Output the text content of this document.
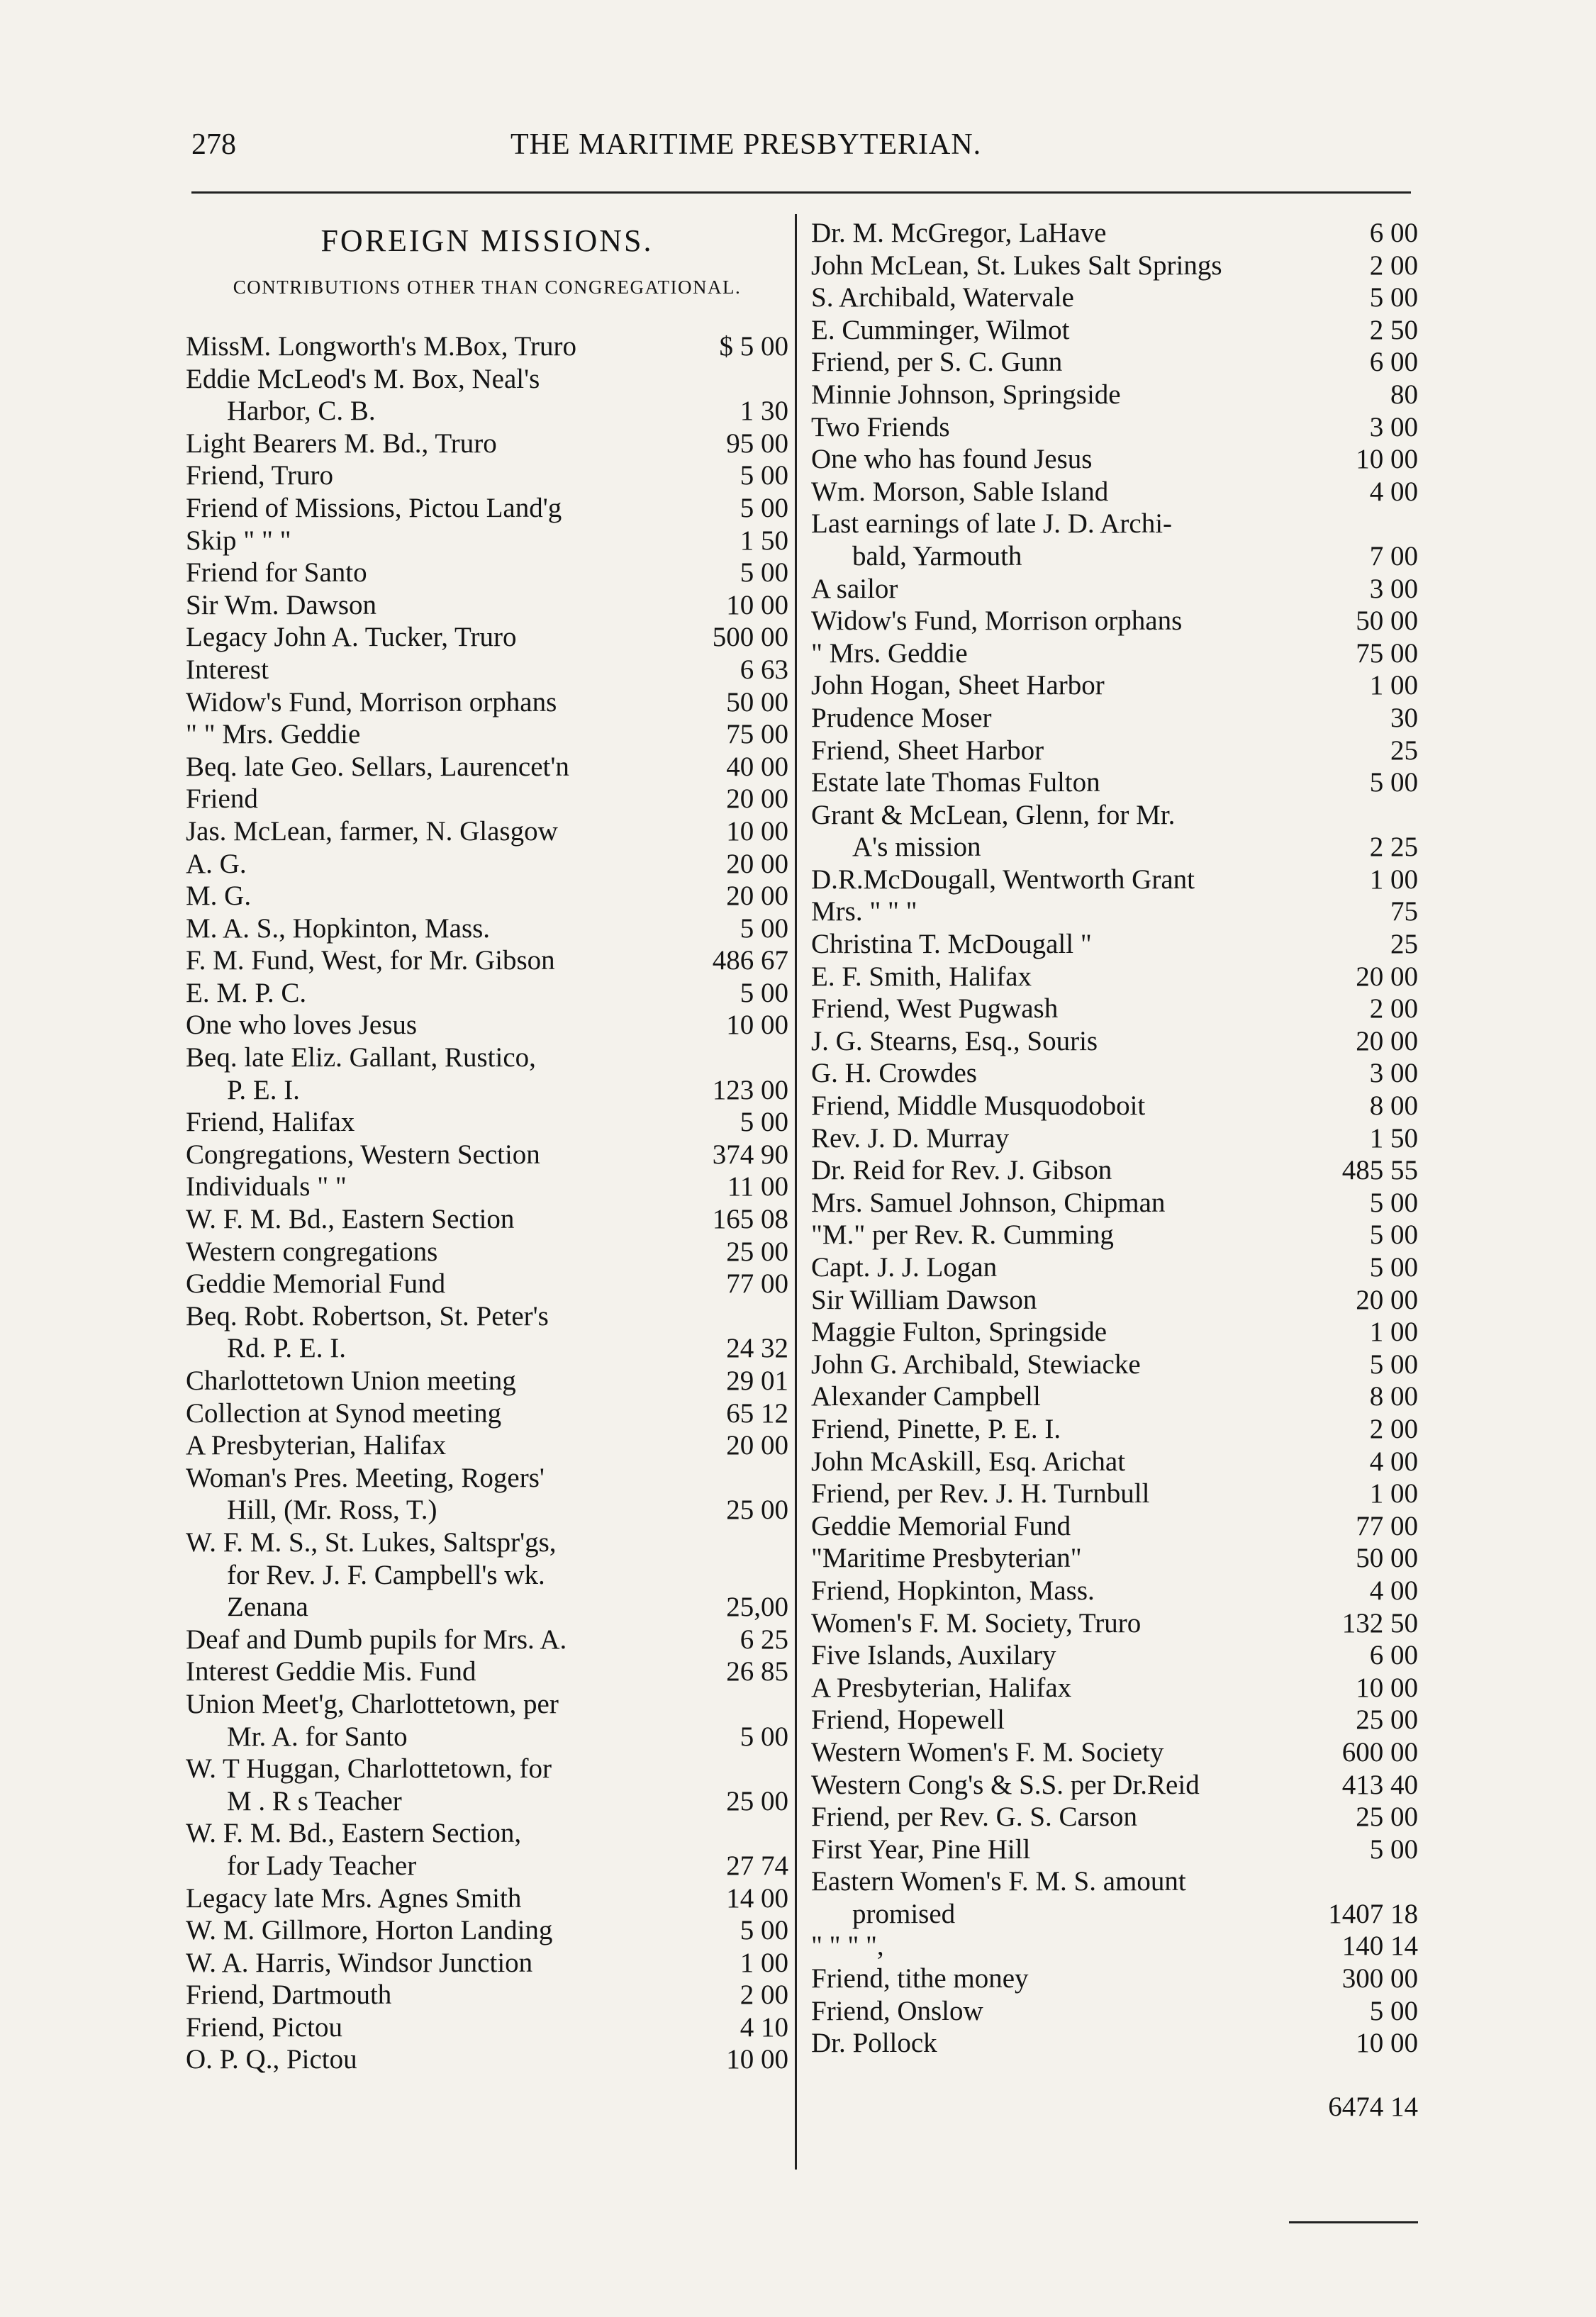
278	THE MARITIME PRESBYTERIAN.
FOREIGN MISSIONS.
CONTRIBUTIONS OTHER THAN CONGREGATIONAL.
MissM. Longworth's M.Box, Truro	$ 5 00
Eddie McLeod's M. Box, Neal's
Harbor, C. B.	1 30
Light Bearers M. Bd., Truro	95 00
Friend, Truro	5 00
Friend of Missions, Pictou Land'g	5 00
Skip " " "	1 50
Friend for Santo	5 00
Sir Wm. Dawson	10 00
Legacy John A. Tucker, Truro	500 00
Interest	6 63
Widow's Fund, Morrison orphans	50 00
" " Mrs. Geddie	75 00
Beq. late Geo. Sellars, Laurencet'n	40 00
Friend	20 00
Jas. McLean, farmer, N. Glasgow	10 00
A. G.	20 00
M. G.	20 00
M. A. S., Hopkinton, Mass.	5 00
F. M. Fund, West, for Mr. Gibson	486 67
E. M. P. C.	5 00
One who loves Jesus	10 00
Beq. late Eliz. Gallant, Rustico,
P. E. I.	123 00
Friend, Halifax	5 00
Congregations, Western Section	374 90
Individuals " "	11 00
W. F. M. Bd., Eastern Section	165 08
Western congregations	25 00
Geddie Memorial Fund	77 00
Beq. Robt. Robertson, St. Peter's
Rd. P. E. I.	24 32
Charlottetown Union meeting	29 01
Collection at Synod meeting	65 12
A Presbyterian, Halifax	20 00
Woman's Pres. Meeting, Rogers'
Hill, (Mr. Ross, T.)	25 00
W. F. M. S., St. Lukes, Saltspr'gs,
for Rev. J. F. Campbell's wk.
Zenana	25,00
Deaf and Dumb pupils for Mrs. A.	6 25
Interest Geddie Mis. Fund	26 85
Union Meet'g, Charlottetown, per
Mr. A. for Santo	5 00
W. T Huggan, Charlottetown, for
M . R s Teacher	25 00
W. F. M. Bd., Eastern Section,
for Lady Teacher	27 74
Legacy late Mrs. Agnes Smith	14 00
W. M. Gillmore, Horton Landing	5 00
W. A. Harris, Windsor Junction	1 00
Friend, Dartmouth	2 00
Friend, Pictou	4 10
O. P. Q., Pictou	10 00
Dr. M. McGregor, LaHave	6 00
John McLean, St. Lukes Salt Springs	2 00
S. Archibald, Watervale	5 00
E. Cumminger, Wilmot	2 50
Friend, per S. C. Gunn	6 00
Minnie Johnson, Springside	80
Two Friends	3 00
One who has found Jesus	10 00
Wm. Morson, Sable Island	4 00
Last earnings of late J. D. Archi-
bald, Yarmouth	7 00
A sailor	3 00
Widow's Fund, Morrison orphans	50 00
" Mrs. Geddie	75 00
John Hogan, Sheet Harbor	1 00
Prudence Moser	30
Friend, Sheet Harbor	25
Estate late Thomas Fulton	5 00
Grant & McLean, Glenn, for Mr.
A's mission	2 25
D.R.McDougall, Wentworth Grant	1 00
Mrs. " " "	75
Christina T. McDougall "	25
E. F. Smith, Halifax	20 00
Friend, West Pugwash	2 00
J. G. Stearns, Esq., Souris	20 00
G. H. Crowdes	3 00
Friend, Middle Musquodoboit	8 00
Rev. J. D. Murray	1 50
Dr. Reid for Rev. J. Gibson	485 55
Mrs. Samuel Johnson, Chipman	5 00
"M." per Rev. R. Cumming	5 00
Capt. J. J. Logan	5 00
Sir William Dawson	20 00
Maggie Fulton, Springside	1 00
John G. Archibald, Stewiacke	5 00
Alexander Campbell	8 00
Friend, Pinette, P. E. I.	2 00
John McAskill, Esq. Arichat	4 00
Friend, per Rev. J. H. Turnbull	1 00
Geddie Memorial Fund	77 00
"Maritime Presbyterian"	50 00
Friend, Hopkinton, Mass.	4 00
Women's F. M. Society, Truro	132 50
Five Islands, Auxilary	6 00
A Presbyterian, Halifax	10 00
Friend, Hopewell	25 00
Western Women's F. M. Society	600 00
Western Cong's & S.S. per Dr.Reid	413 40
Friend, per Rev. G. S. Carson	25 00
First Year, Pine Hill	5 00
Eastern Women's F. M. S. amount
promised	1407 18
" " " ",	140 14
Friend, tithe money	300 00
Friend, Onslow	5 00
Dr. Pollock	10 00
6474 14
